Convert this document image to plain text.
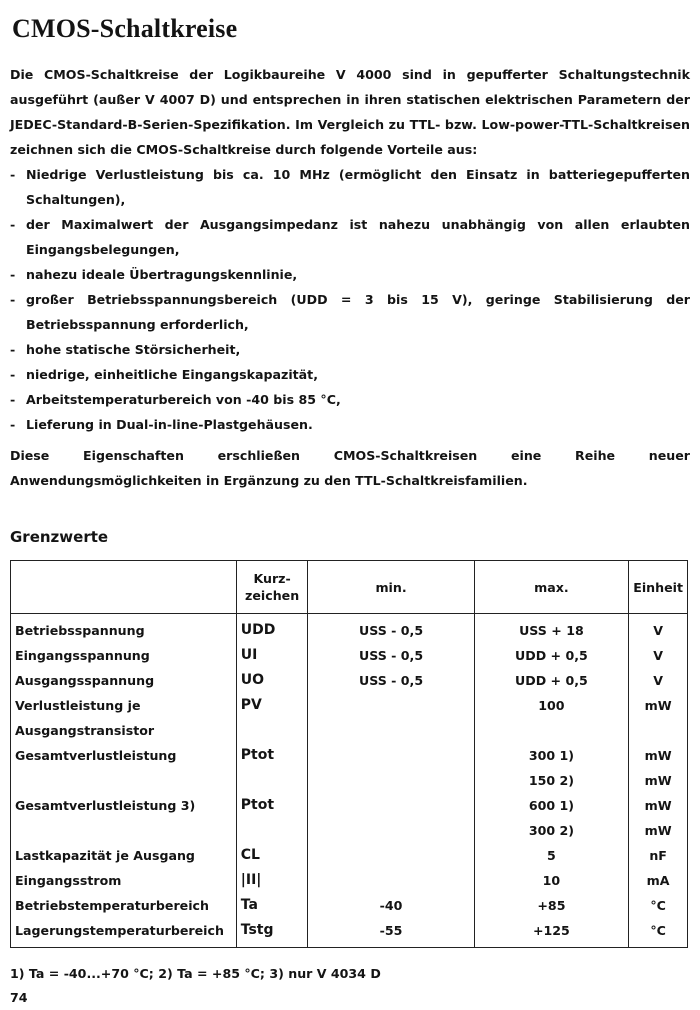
CMOS-Schaltkreise

Die CMOS-Schaltkreise der Logikbaureihe V 4000 sind in gepufferter Schaltungstechnik ausgeführt (außer V 4007 D) und entsprechen in ihren statischen elektrischen Parametern der JEDEC-Standard-B-Serien-Spezifikation. Im Vergleich zu TTL- bzw. Low-power-TTL-Schaltkreisen zeichnen sich die CMOS-Schaltkreise durch folgende Vorteile aus:

- Niedrige Verlustleistung bis ca. 10 MHz (ermöglicht den Einsatz in batteriegepufferten Schaltungen),
- der Maximalwert der Ausgangsimpedanz ist nahezu unabhängig von allen erlaubten Eingangsbelegungen,
- nahezu ideale Übertragungskennlinie,
- großer Betriebsspannungsbereich (UDD = 3 bis 15 V), geringe Stabilisierung der Betriebsspannung erforderlich,
- hohe statische Störsicherheit,
- niedrige, einheitliche Eingangskapazität,
- Arbeitstemperaturbereich von -40 bis 85 °C,
- Lieferung in Dual-in-line-Plastgehäusen.

Diese Eigenschaften erschließen CMOS-Schaltkreisen eine Reihe neuer Anwendungsmöglichkeiten in Ergänzung zu den TTL-Schaltkreisfamilien.

Grenzwerte
	Kurz-
zeichen	min.	max.	Einheit
Betriebsspannung	UDD	USS - 0,5	USS + 18	V
Eingangsspannung	UI	USS - 0,5	UDD + 0,5	V
Ausgangsspannung	UO	USS - 0,5	UDD + 0,5	V
Verlustleistung je	PV		100	mW
Ausgangstransistor				
Gesamtverlustleistung	Ptot		300 1)	mW
			150 2)	mW
Gesamtverlustleistung 3)	Ptot		600 1)	mW
			300 2)	mW
Lastkapazität je Ausgang	CL		5	nF
Eingangsstrom	|II|		10	mA
Betriebstemperaturbereich	Ta	-40	+85	°C
Lagerungstemperaturbereich	Tstg	-55	+125	°C
1) Ta = -40...+70 °C; 2) Ta = +85 °C; 3) nur V 4034 D
74
